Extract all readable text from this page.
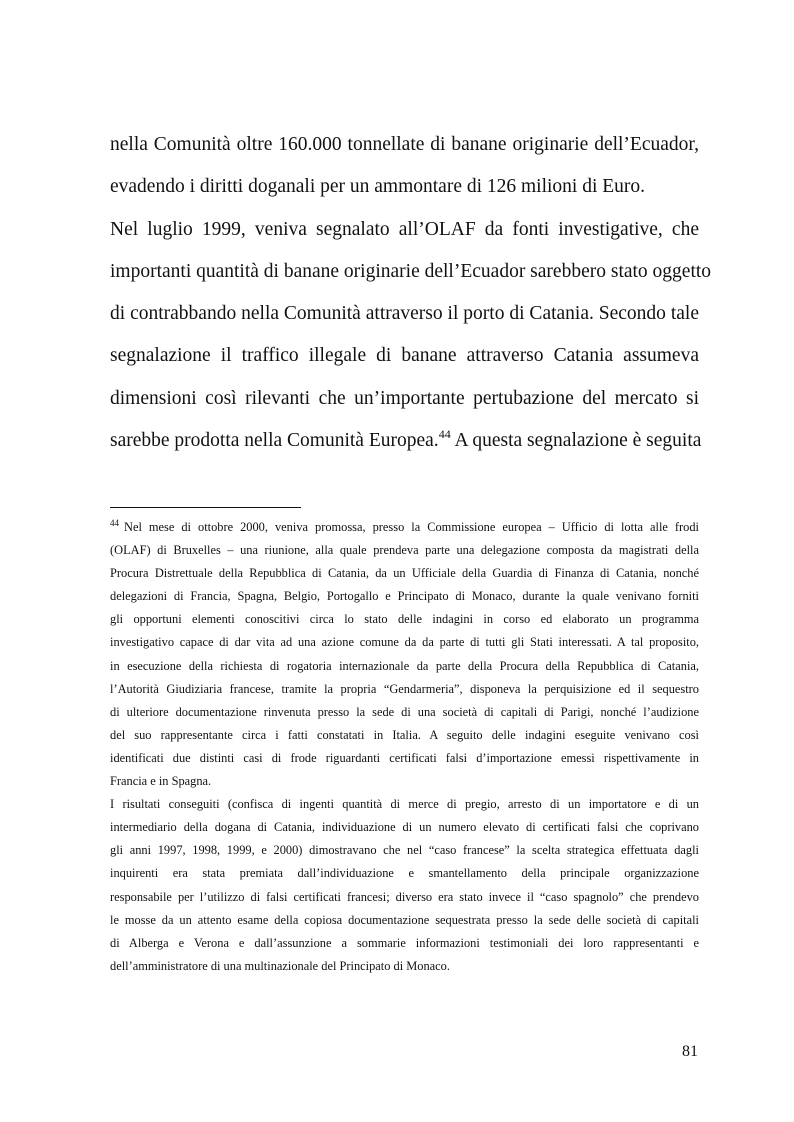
nella Comunità oltre 160.000 tonnellate di banane originarie dell’Ecuador,
evadendo i diritti doganali per un ammontare di 126 milioni di Euro.
Nel luglio 1999, veniva segnalato all’OLAF da fonti investigative, che
importanti quantità di banane originarie dell’Ecuador sarebbero stato oggetto
di contrabbando nella Comunità attraverso il porto di Catania. Secondo tale
segnalazione il traffico illegale di banane attraverso Catania assumeva
dimensioni così rilevanti che un’importante pertubazione del mercato si
sarebbe prodotta nella Comunità Europea.$^{44}$ A questa segnalazione è seguita
$^{44}$ Nel mese di ottobre 2000, veniva promossa, presso la Commissione europea – Ufficio di lotta alle frodi
(OLAF) di Bruxelles – una riunione, alla quale prendeva parte una delegazione composta da magistrati della
Procura Distrettuale della Repubblica di Catania, da un Ufficiale della Guardia di Finanza di Catania, nonché
delegazioni di Francia, Spagna, Belgio, Portogallo e Principato di Monaco, durante la quale venivano forniti
gli opportuni elementi conoscitivi circa lo stato delle indagini in corso ed elaborato un programma
investigativo capace di dar vita ad una azione comune da da parte di tutti gli Stati interessati. A tal proposito,
in esecuzione della richiesta di rogatoria internazionale da parte della Procura della Repubblica di Catania,
l’Autorità Giudiziaria francese, tramite la propria “Gendarmeria”, disponeva la perquisizione ed il sequestro
di ulteriore documentazione rinvenuta presso la sede di una società di capitali di Parigi, nonché l’audizione
del suo rappresentante circa i fatti constatati in Italia. A seguito delle indagini eseguite venivano così
identificati due distinti casi di frode riguardanti certificati falsi d’importazione emessi rispettivamente in
Francia e in Spagna.
I risultati conseguiti (confisca di ingenti quantità di merce di pregio, arresto di un importatore e di un
intermediario della dogana di Catania, individuazione di un numero elevato di certificati falsi che coprivano
gli anni 1997, 1998, 1999, e 2000) dimostravano che nel “caso francese” la scelta strategica effettuata dagli
inquirenti era stata premiata dall’individuazione e smantellamento della principale organizzazione
responsabile per l’utilizzo di falsi certificati francesi; diverso era stato invece il “caso spagnolo” che prendevo
le mosse da un attento esame della copiosa documentazione sequestrata presso la sede delle società di capitali
di Alberga e Verona e dall’assunzione a sommarie informazioni testimoniali dei loro rappresentanti e
dell’amministratore di una multinazionale del Principato di Monaco.
81
